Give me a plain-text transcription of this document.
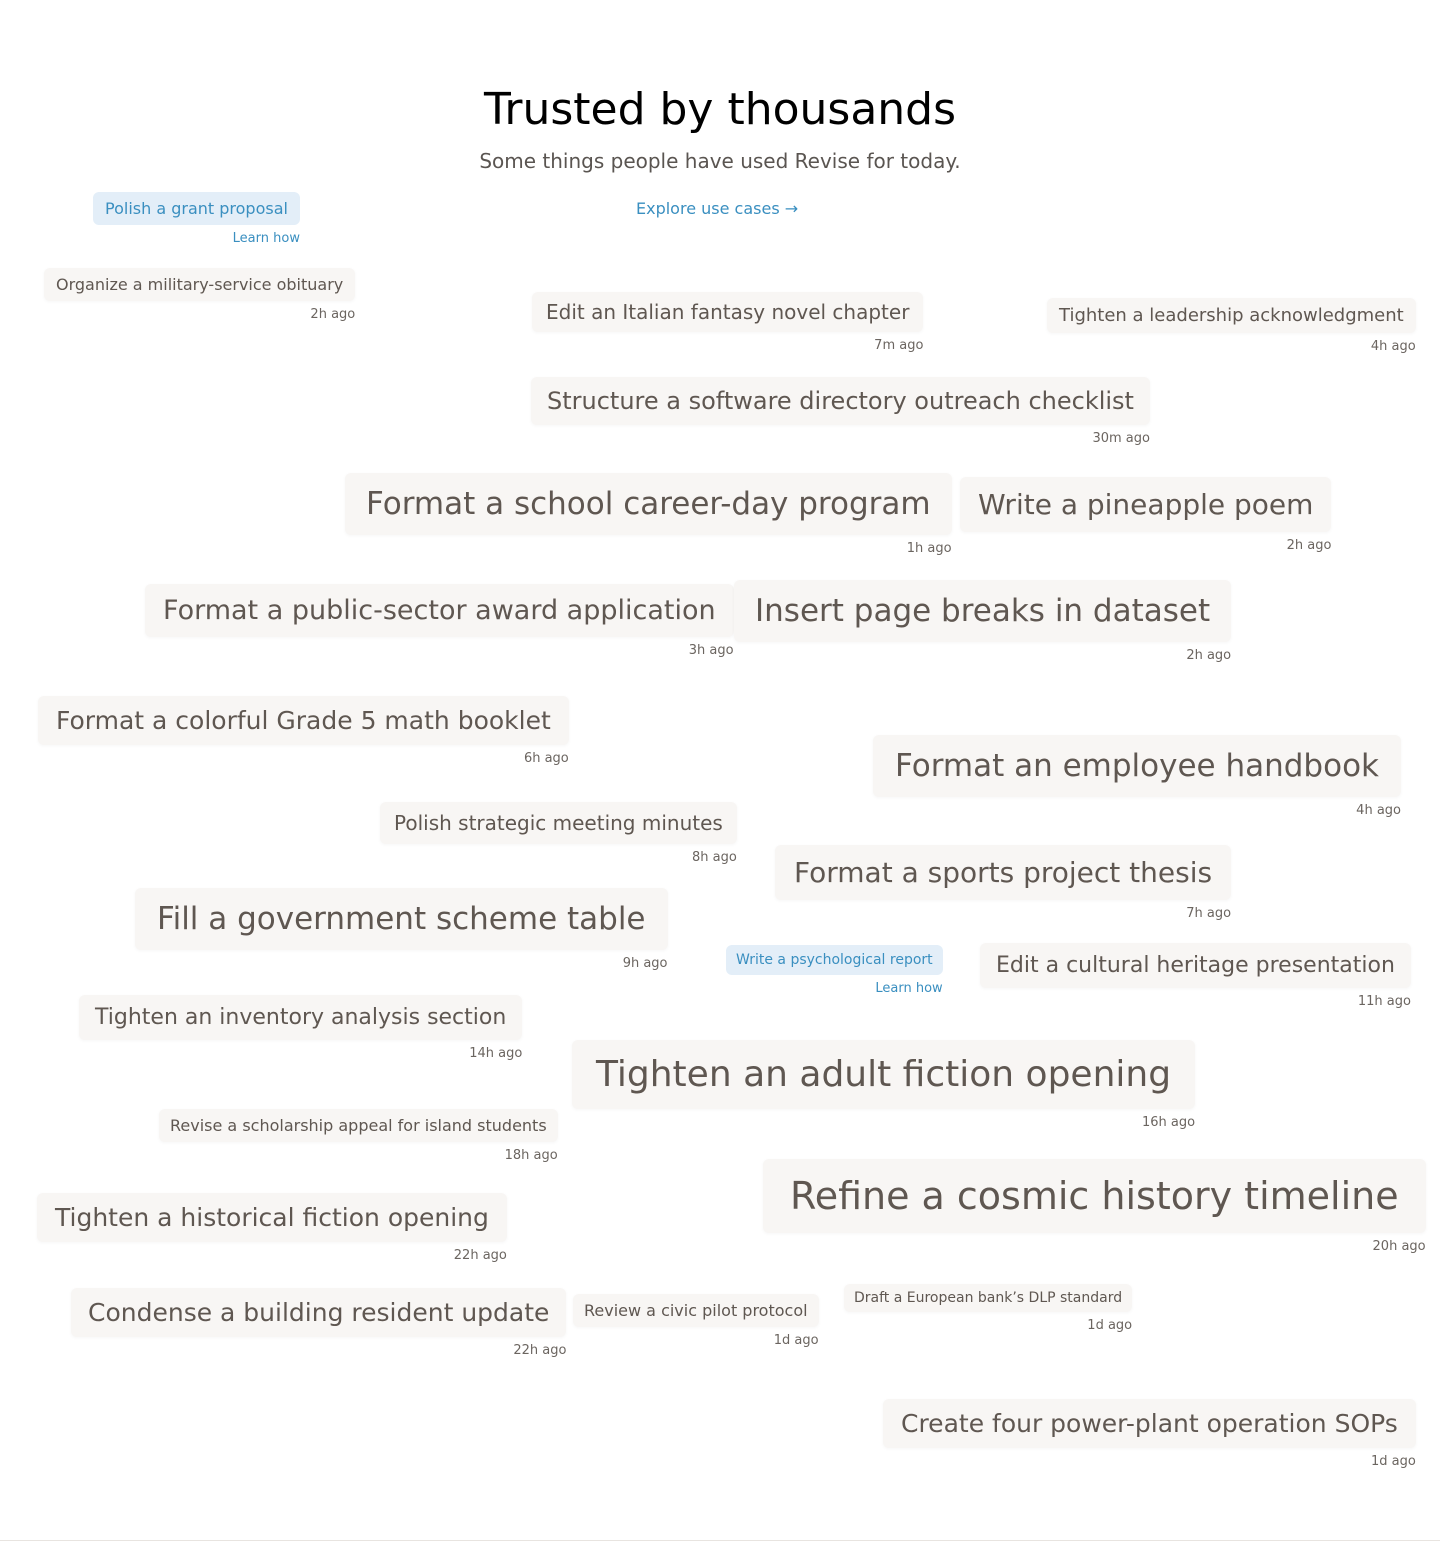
Trusted by thousands
Some things people have used Revise for today.
Explore use cases →
Polish a grant proposal
Learn how
Organize a military-service obituary
2h ago	Edit an Italian fantasy novel chapter
7m ago
Tighten a leadership acknowledgment
4h ago
Structure a software directory outreach checklist
30m ago
Format a school career-day program
1h ago
Write a pineapple poem
2h ago
Format a public-sector award application
3h ago
Insert page breaks in dataset
2h ago
Format a colorful Grade 5 math booklet
6h ago	Format an employee handbook
4h ago
Polish strategic meeting minutes
8h ago	Format a sports project thesis
7h ago
Fill a government scheme table
9h ago	Write a psychological report
Learn how
Edit a cultural heritage presentation
11h ago
Tighten an inventory analysis section
14h ago
Tighten an adult fiction opening
16h ago
Revise a scholarship appeal for island students
18h ago
Refine a cosmic history timeline
20h ago
Tighten a historical fiction opening
22h ago
Condense a building resident update
22h ago
Review a civic pilot protocol
1d ago
Draft a European bank’s DLP standard
1d ago
Create four power-plant operation SOPs
1d ago
